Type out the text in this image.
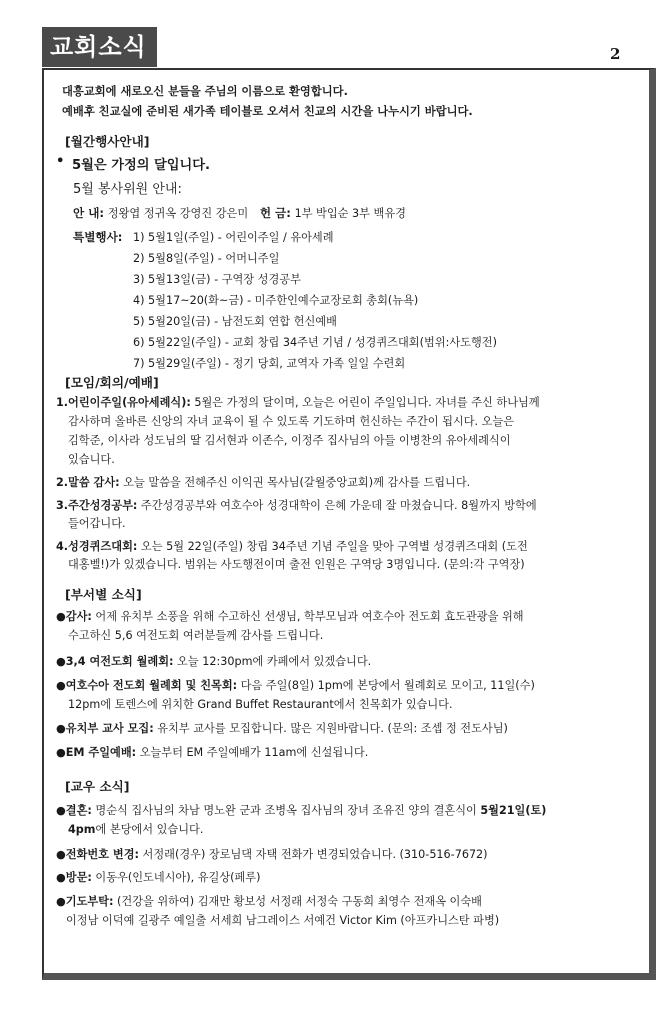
교회소식	2
대흥교회에 새로오신 분들을 주님의 이름으로 환영합니다.
예배후 친교실에 준비된 새가족 테이블로 오셔서 친교의 시간을 나누시기 바랍니다.
[월간행사안내]
• 5월은 가정의 달입니다.
5월 봉사위원 안내:
안 내: 정왕엽 정귀옥 강영진 강은미 헌 금: 1부 박입순 3부 백유경
특별행사: 1) 5월1일(주일) - 어린이주일 / 유아세례
2) 5월8일(주일) - 어머니주일
3) 5월13일(금) - 구역장 성경공부
4) 5월17~20(화~금) - 미주한인예수교장로회 총회(뉴욕)
5) 5월20일(금) - 남전도회 연합 헌신예배
6) 5월22일(주일) - 교회 창립 34주년 기념 / 성경퀴즈대회(범위:사도행전)
7) 5월29일(주일) - 정기 당회, 교역자 가족 일일 수련회
[모임/회의/예배]
1.어린이주일(유아세례식): 5월은 가정의 달이며, 오늘은 어린이 주일입니다. 자녀를 주신 하나님께
감사하며 올바른 신앙의 자녀 교육이 될 수 있도록 기도하며 헌신하는 주간이 됩시다. 오늘은
김학준, 이사라 성도님의 딸 김서현과 이존수, 이정주 집사님의 아들 이병찬의 유아세례식이
있습니다.
2.말씀 감사: 오늘 말씀을 전해주신 이익권 목사님(갈월중앙교회)께 감사를 드립니다.
3.주간성경공부: 주간성경공부와 여호수아 성경대학이 은혜 가운데 잘 마쳤습니다. 8월까지 방학에
들어갑니다.
4.성경퀴즈대회: 오는 5월 22일(주일) 창립 34주년 기념 주일을 맞아 구역별 성경퀴즈대회 (도전
대홍벨!)가 있겠습니다. 범위는 사도행전이며 출전 인원은 구역당 3명입니다. (문의:각 구역장)
[부서별 소식]
●감사: 어제 유치부 소풍을 위해 수고하신 선생님, 학부모님과 여호수아 전도회 효도관광을 위해
수고하신 5,6 여전도회 여러분들께 감사를 드립니다.
●3,4 여전도회 월례회: 오늘 12:30pm에 카페에서 있겠습니다.
●여호수아 전도회 월례회 및 친목회: 다음 주일(8일) 1pm에 본당에서 월례회로 모이고, 11일(수)
12pm에 토렌스에 위치한 Grand Buffet Restaurant에서 친목회가 있습니다.
●유치부 교사 모집: 유치부 교사를 모집합니다. 많은 지원바랍니다. (문의: 조셉 정 전도사님)
●EM 주일예배: 오늘부터 EM 주일예배가 11am에 신설됩니다.
[교우 소식]
●결혼: 명순식 집사님의 차남 명노완 군과 조병옥 집사님의 장녀 조유진 양의 결혼식이 5월21일(토)
4pm에 본당에서 있습니다.
●전화번호 변경: 서정래(경우) 장로님댁 자택 전화가 변경되었습니다. (310-516-7672)
●방문: 이동우(인도네시아), 유길상(페루)
●기도부탁: (건강을 위하여) 김재만 황보성 서정래 서정숙 구동희 최영수 전재옥 이숙배
이정남 이덕예 길광주 예일출 서세희 남그레이스 서예건 Victor Kim (아프카니스탄 파병)
